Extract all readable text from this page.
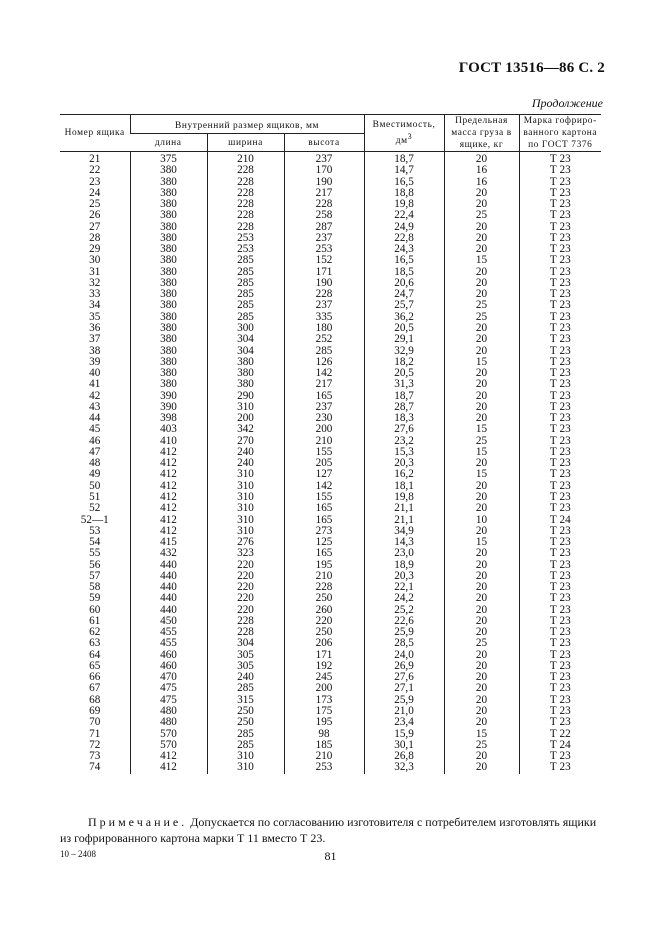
ГОСТ 13516—86 С. 2
Продолжение
Номер ящика	Внутренний размер ящиков, мм			Вместимость, $дм^3$	Предельная масса груза в ящике, кг	Марка гофриро-ванного картона по ГОСТ 7376
	длина	ширина	высота			
21	375	210	237	18,7	20	Т 23
22	380	228	170	14,7	16	Т 23
23	380	228	190	16,5	16	Т 23
24	380	228	217	18,8	20	Т 23
25	380	228	228	19,8	20	Т 23
26	380	228	258	22,4	25	Т 23
27	380	228	287	24,9	20	Т 23
28	380	253	237	22,8	20	Т 23
29	380	253	253	24,3	20	Т 23
30	380	285	152	16,5	15	Т 23
31	380	285	171	18,5	20	Т 23
32	380	285	190	20,6	20	Т 23
33	380	285	228	24,7	20	Т 23
34	380	285	237	25,7	25	Т 23
35	380	285	335	36,2	25	Т 23
36	380	300	180	20,5	20	Т 23
37	380	304	252	29,1	20	Т 23
38	380	304	285	32,9	20	Т 23
39	380	380	126	18,2	15	Т 23
40	380	380	142	20,5	20	Т 23
41	380	380	217	31,3	20	Т 23
42	390	290	165	18,7	20	Т 23
43	390	310	237	28,7	20	Т 23
44	398	200	230	18,3	20	Т 23
45	403	342	200	27,6	15	Т 23
46	410	270	210	23,2	25	Т 23
47	412	240	155	15,3	15	Т 23
48	412	240	205	20,3	20	Т 23
49	412	310	127	16,2	15	Т 23
50	412	310	142	18,1	20	Т 23
51	412	310	155	19,8	20	Т 23
52	412	310	165	21,1	20	Т 23
52—1	412	310	165	21,1	10	Т 24
53	412	310	273	34,9	20	Т 23
54	415	276	125	14,3	15	Т 23
55	432	323	165	23,0	20	Т 23
56	440	220	195	18,9	20	Т 23
57	440	220	210	20,3	20	Т 23
58	440	220	228	22,1	20	Т 23
59	440	220	250	24,2	20	Т 23
60	440	220	260	25,2	20	Т 23
61	450	228	220	22,6	20	Т 23
62	455	228	250	25,9	20	Т 23
63	455	304	206	28,5	25	Т 23
64	460	305	171	24,0	20	Т 23
65	460	305	192	26,9	20	Т 23
66	470	240	245	27,6	20	Т 23
67	475	285	200	27,1	20	Т 23
68	475	315	173	25,9	20	Т 23
69	480	250	175	21,0	20	Т 23
70	480	250	195	23,4	20	Т 23
71	570	285	98	15,9	15	Т 22
72	570	285	185	30,1	25	Т 24
73	412	310	210	26,8	20	Т 23
74	412	310	253	32,3	20	Т 23
Примечание. Допускается по согласованию изготовителя с потребителем изготовлять ящики из гофрированного картона марки Т 11 вместо Т 23.
10 – 2408	81
